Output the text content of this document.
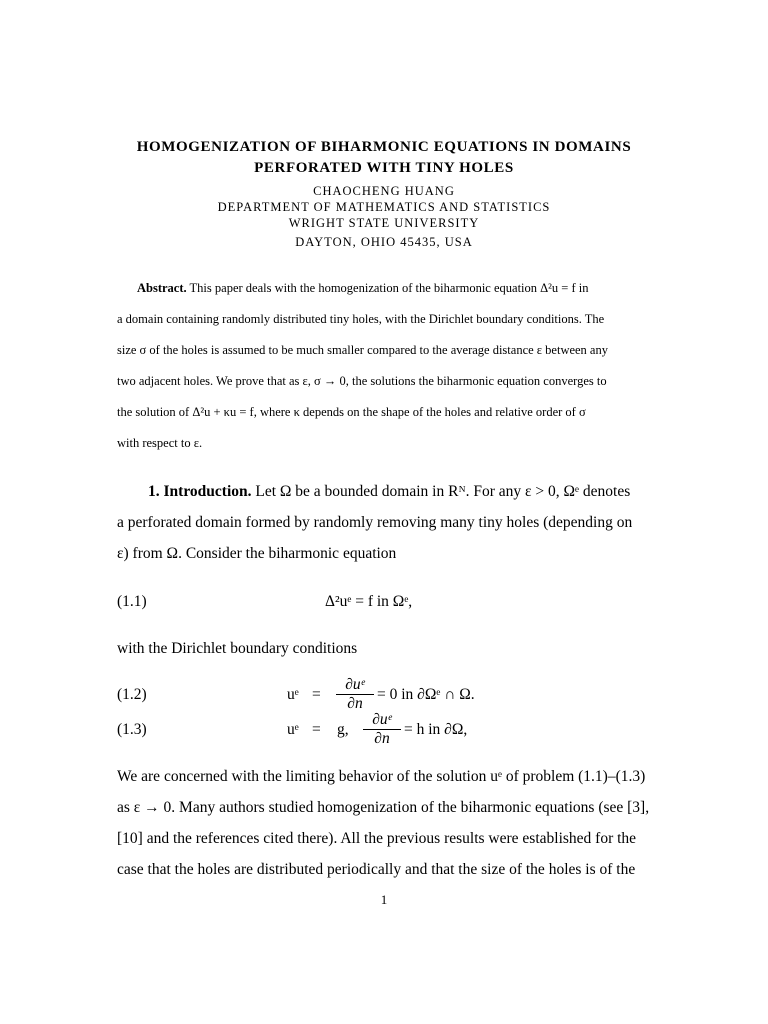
HOMOGENIZATION OF BIHARMONIC EQUATIONS IN DOMAINS
PERFORATED WITH TINY HOLES
CHAOCHENG HUANG
DEPARTMENT OF MATHEMATICS AND STATISTICS
WRIGHT STATE UNIVERSITY
DAYTON, OHIO 45435, USA
Abstract. This paper deals with the homogenization of the biharmonic equation Δ²u = f in
a domain containing randomly distributed tiny holes, with the Dirichlet boundary conditions. The
size σ of the holes is assumed to be much smaller compared to the average distance ε between any
two adjacent holes. We prove that as ε, σ → 0, the solutions the biharmonic equation converges to
the solution of Δ²u + κu = f, where κ depends on the shape of the holes and relative order of σ
with respect to ε.
1. Introduction. Let Ω be a bounded domain in Rᴺ. For any ε > 0, Ωᵉ denotes
a perforated domain formed by randomly removing many tiny holes (depending on
ε) from Ω. Consider the biharmonic equation
(1.1)	Δ²uᵉ = f in Ωᵉ,
with the Dirichlet boundary conditions
(1.2)	uᵉ = $\frac{\text{∂uᵉ}}{\partial n} = 0$ in ∂Ωᵉ ∩ Ω.
(1.3)	uᵉ = g, $\frac{\text{∂uᵉ}}{\partial n} = h$ in ∂Ω,
We are concerned with the limiting behavior of the solution uᵉ of problem (1.1)–(1.3)
as ε → 0. Many authors studied homogenization of the biharmonic equations (see [3],
[10] and the references cited there). All the previous results were established for the
case that the holes are distributed periodically and that the size of the holes is of the
1
